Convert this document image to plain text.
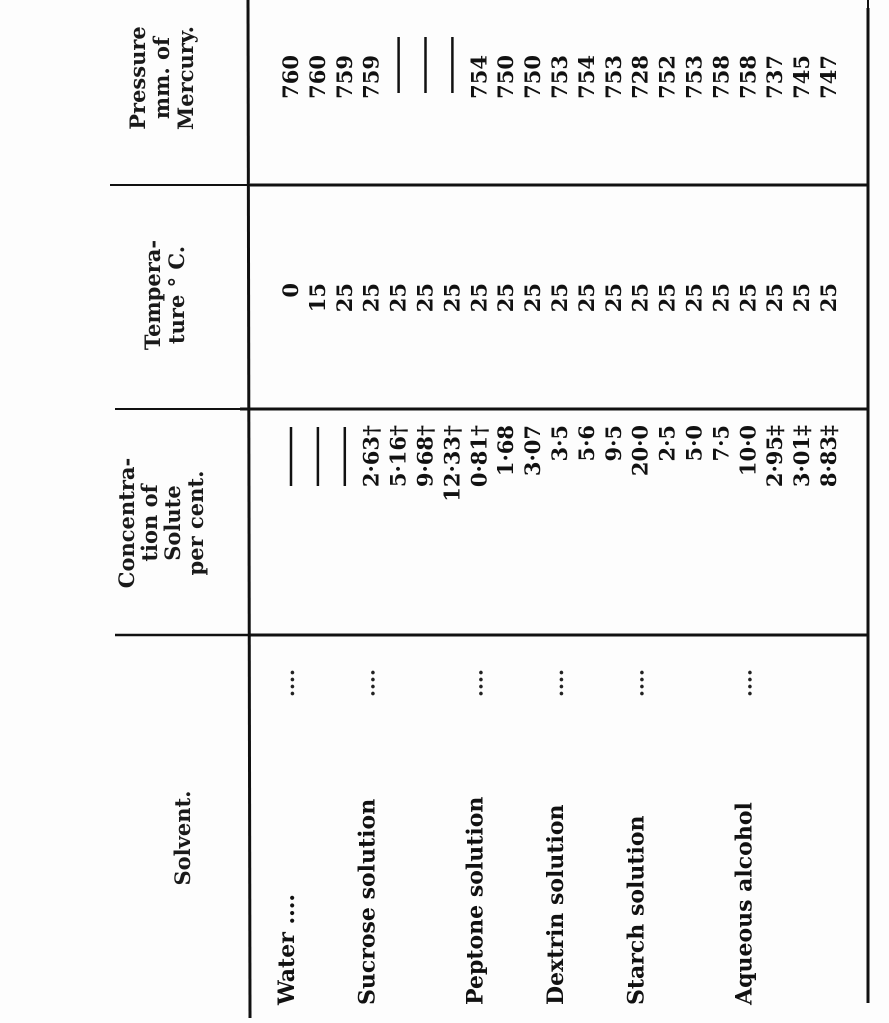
Solvent.
Concentra-
tion of
Solute
per cent.
Tempera- ture ° C.
Pressure mm. of Mercury.
Water ....
....
Sucrose solution
....
Peptone solution
....
Dextrin solution
....
Starch solution
....
Aqueous alcohol
....
— — — 2·63† 5·16† 9·68† 12·33† 0·81† 1·68 3·07 3·5 5·6 9·5 20·0 2·5 5·0 7·5 10·0 2·95‡ 3·01‡ 8·83‡
0 15 25 25 25 25 25 25 25 25 25 25 25 25 25 25 25 25 25 25 25
760 760 759 759 — — — 754 750 750 753 754 753 728 752 753 758 758 737 745 747
